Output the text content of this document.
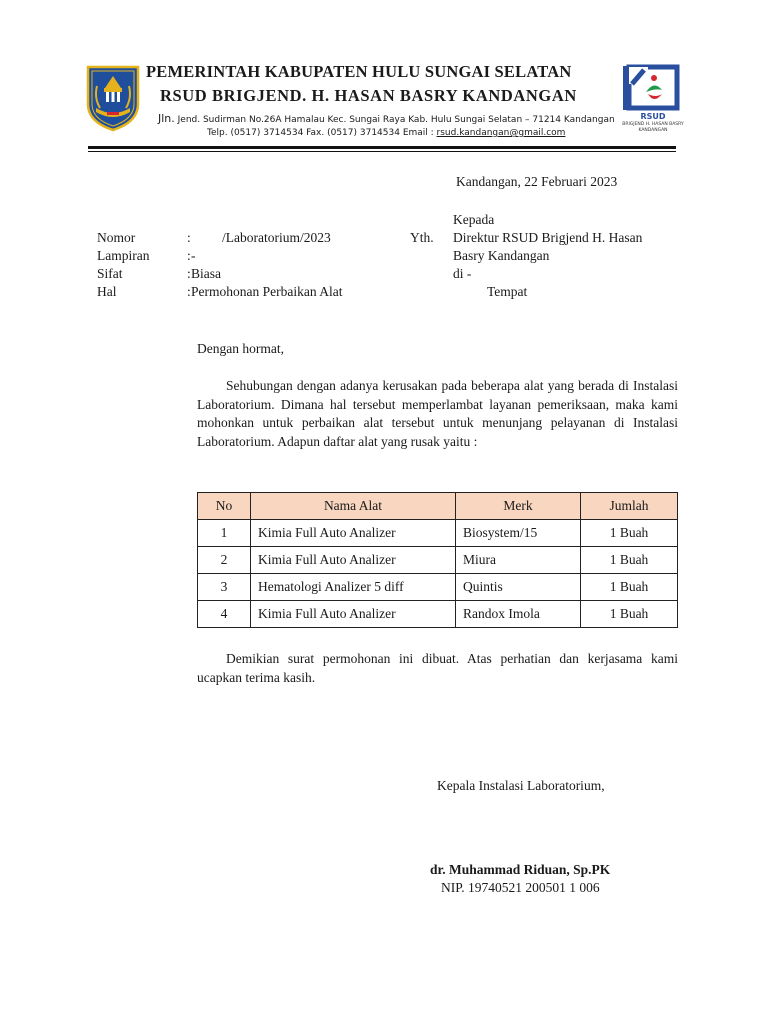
PEMERINTAH KABUPATEN HULU SUNGAI SELATAN
RSUD BRIGJEND. H. HASAN BASRY KANDANGAN
Jln. Jend. Sudirman No.26A Hamalau Kec. Sungai Raya Kab. Hulu Sungai Selatan – 71214 Kandangan
Telp. (0517) 3714534 Fax. (0517) 3714534 Email : rsud.kandangan@gmail.com
RSUD
BRIGJEND H. HASAN BASRY KANDANGAN
Kandangan, 22 Februari 2023
Kepada
Yth. Direktur RSUD Brigjend H. Hasan
Basry Kandangan
di -
Tempat
Nomor	: /Laboratorium/2023
Lampiran	: -
Sifat	: Biasa
Hal	: Permohonan Perbaikan Alat
Dengan hormat,
Sehubungan dengan adanya kerusakan pada beberapa alat yang berada di Instalasi Laboratorium. Dimana hal tersebut memperlambat layanan pemeriksaan, maka kami mohonkan untuk perbaikan alat tersebut untuk menunjang pelayanan di Instalasi Laboratorium. Adapun daftar alat yang rusak yaitu :
No	Nama Alat	Merk	Jumlah
1	Kimia Full Auto Analizer	Biosystem/15	1 Buah
2	Kimia Full Auto Analizer	Miura	1 Buah
3	Hematologi Analizer 5 diff	Quintis	1 Buah
4	Kimia Full Auto Analizer	Randox Imola	1 Buah
Demikian surat permohonan ini dibuat. Atas perhatian dan kerjasama kami ucapkan terima kasih.
Kepala Instalasi Laboratorium,
dr. Muhammad Riduan, Sp.PK
NIP. 19740521 200501 1 006
